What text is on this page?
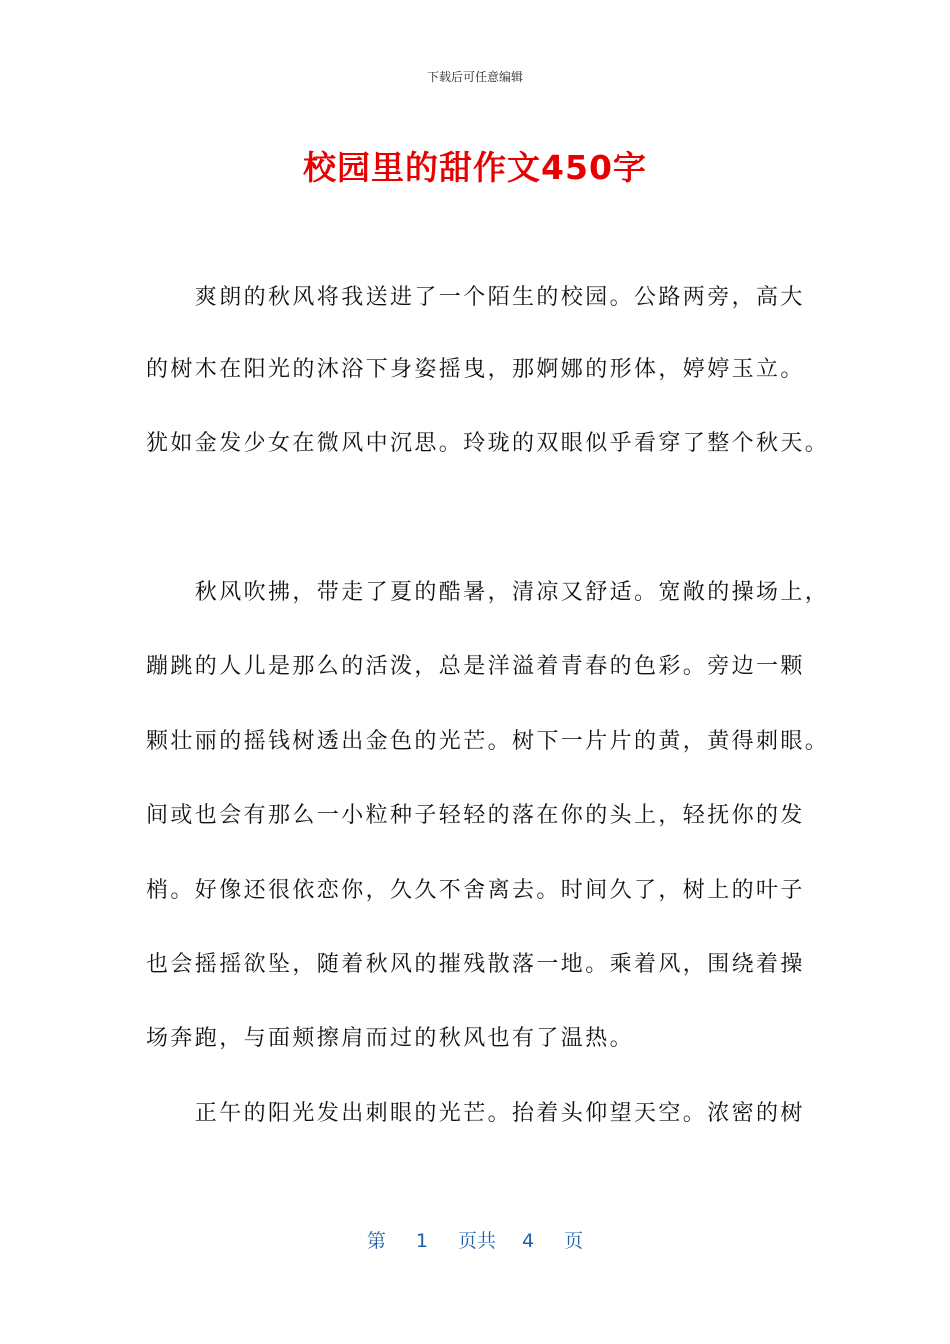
下载后可任意编辑
校园里的甜作文450字
　　爽朗的秋风将我送进了一个陌生的校园。公路两旁，高大
的树木在阳光的沐浴下身姿摇曳，那婀娜的形体，婷婷玉立。
犹如金发少女在微风中沉思。玲珑的双眼似乎看穿了整个秋天。
　　秋风吹拂，带走了夏的酷暑，清凉又舒适。宽敞的操场上，
蹦跳的人儿是那么的活泼，总是洋溢着青春的色彩。旁边一颗
颗壮丽的摇钱树透出金色的光芒。树下一片片的黄，黄得刺眼。
间或也会有那么一小粒种子轻轻的落在你的头上，轻抚你的发
梢。好像还很依恋你，久久不舍离去。时间久了，树上的叶子
也会摇摇欲坠，随着秋风的摧残散落一地。乘着风，围绕着操
场奔跑，与面颊擦肩而过的秋风也有了温热。
　　正午的阳光发出刺眼的光芒。抬着头仰望天空。浓密的树
第 1 页共 4 页
